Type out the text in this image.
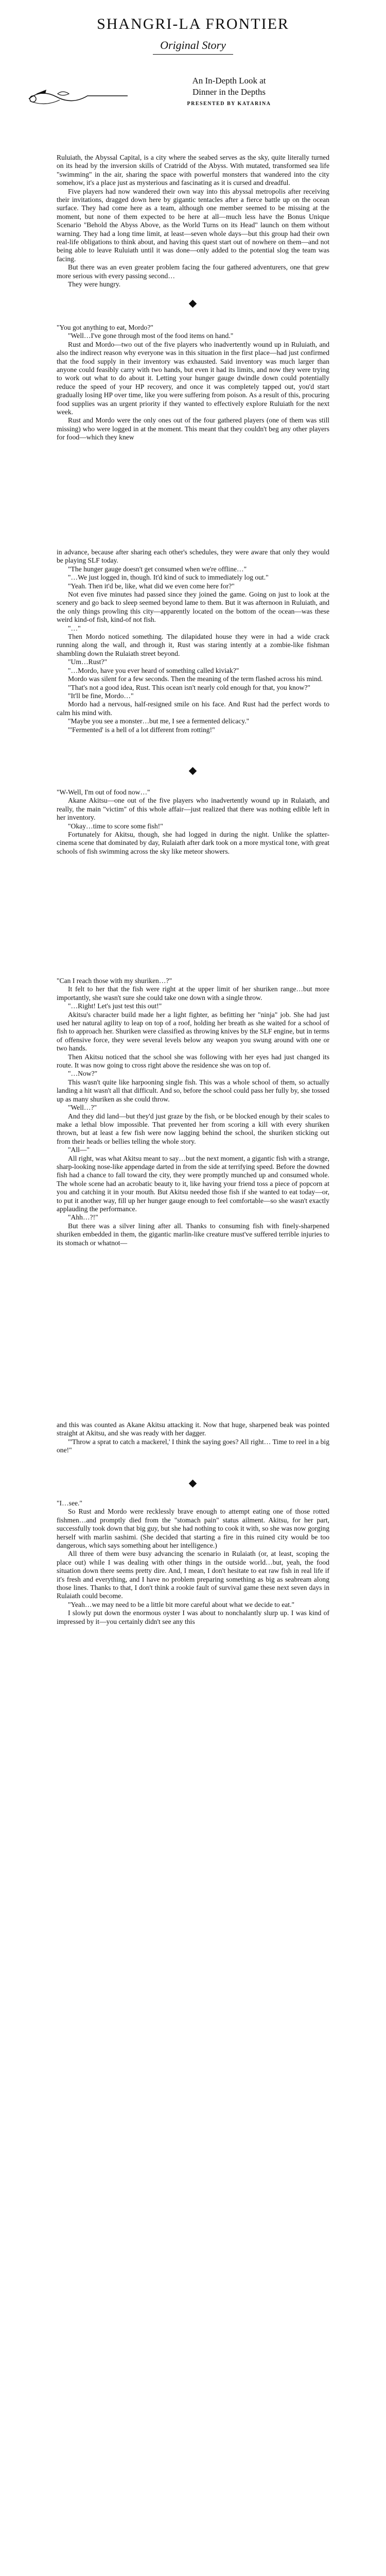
SHANGRI-LA FRONTIER
Original Story
An In-Depth Look at
Dinner in the Depths
PRESENTED BY KATARINA

Ruluiath, the Abyssal Capital, is a city where the seabed serves as the sky, quite literally turned on its head by the inversion skills of Cratridd of the Abyss. With mutated, transformed sea life "swimming" in the air, sharing the space with powerful monsters that wandered into the city somehow, it's a place just as mysterious and fascinating as it is cursed and dreadful.

Five players had now wandered their own way into this abyssal metropolis after receiving their invitations, dragged down here by gigantic tentacles after a fierce battle up on the ocean surface. They had come here as a team, although one member seemed to be missing at the moment, but none of them expected to be here at all—much less have the Bonus Unique Scenario "Behold the Abyss Above, as the World Turns on its Head" launch on them without warning. They had a long time limit, at least—seven whole days—but this group had their own real-life obligations to think about, and having this quest start out of nowhere on them—and not being able to leave Ruluiath until it was done—only added to the potential slog the team was facing.

But there was an even greater problem facing the four gathered adventurers, one that grew more serious with every passing second…

They were hungry.

"You got anything to eat, Mordo?"

"Well…I've gone through most of the food items on hand."

Rust and Mordo—two out of the five players who inadvertently wound up in Ruluiath, and also the indirect reason why everyone was in this situation in the first place—had just confirmed that the food supply in their inventory was exhausted. Said inventory was much larger than anyone could feasibly carry with two hands, but even it had its limits, and now they were trying to work out what to do about it. Letting your hunger gauge dwindle down could potentially reduce the speed of your HP recovery, and once it was completely tapped out, you'd start gradually losing HP over time, like you were suffering from poison. As a result of this, procuring food supplies was an urgent priority if they wanted to effectively explore Ruluiath for the next week.

Rust and Mordo were the only ones out of the four gathered players (one of them was still missing) who were logged in at the moment. This meant that they couldn't beg any other players for food—which they knew

in advance, because after sharing each other's schedules, they were aware that only they would be playing SLF today.

"The hunger gauge doesn't get consumed when we're offline…"

"…We just logged in, though. It'd kind of suck to immediately log out."

"Yeah. Then it'd be, like, what did we even come here for?"

Not even five minutes had passed since they joined the game. Going on just to look at the scenery and go back to sleep seemed beyond lame to them. But it was afternoon in Ruluiath, and the only things prowling this city—apparently located on the bottom of the ocean—was these weird kind-of fish, kind-of not fish.

"…"

Then Mordo noticed something. The dilapidated house they were in had a wide crack running along the wall, and through it, Rust was staring intently at a zombie-like fishman shambling down the Rulaiath street beyond.

"Um…Rust?"

"…Mordo, have you ever heard of something called kiviak?"

Mordo was silent for a few seconds. Then the meaning of the term flashed across his mind.

"That's not a good idea, Rust. This ocean isn't nearly cold enough for that, you know?"

"It'll be fine, Mordo…"

Mordo had a nervous, half-resigned smile on his face. And Rust had the perfect words to calm his mind with.

"Maybe you see a monster…but me, I see a fermented delicacy."

"'Fermented' is a hell of a lot different from rotting!"

"W-Well, I'm out of food now…"

Akane Akitsu—one out of the five players who inadvertently wound up in Rulaiath, and really, the main "victim" of this whole affair—just realized that there was nothing edible left in her inventory.

"Okay…time to score some fish!"

Fortunately for Akitsu, though, she had logged in during the night. Unlike the splatter-cinema scene that dominated by day, Rulaiath after dark took on a more mystical tone, with great schools of fish swimming across the sky like meteor showers.

"Can I reach those with my shuriken…?"

It felt to her that the fish were right at the upper limit of her shuriken range…but more importantly, she wasn't sure she could take one down with a single throw.

"…Right! Let's just test this out!"

Akitsu's character build made her a light fighter, as befitting her "ninja" job. She had just used her natural agility to leap on top of a roof, holding her breath as she waited for a school of fish to approach her. Shuriken were classified as throwing knives by the SLF engine, but in terms of offensive force, they were several levels below any weapon you swung around with one or two hands.

Then Akitsu noticed that the school she was following with her eyes had just changed its route. It was now going to cross right above the residence she was on top of.

"…Now?"

This wasn't quite like harpooning single fish. This was a whole school of them, so actually landing a hit wasn't all that difficult. And so, before the school could pass her fully by, she tossed up as many shuriken as she could throw.

"Well…?"

And they did land—but they'd just graze by the fish, or be blocked enough by their scales to make a lethal blow impossible. That prevented her from scoring a kill with every shuriken thrown, but at least a few fish were now lagging behind the school, the shuriken sticking out from their heads or bellies telling the whole story.

"All—"

All right, was what Akitsu meant to say…but the next moment, a gigantic fish with a strange, sharp-looking nose-like appendage darted in from the side at terrifying speed. Before the downed fish had a chance to fall toward the city, they were promptly munched up and consumed whole. The whole scene had an acrobatic beauty to it, like having your friend toss a piece of popcorn at you and catching it in your mouth. But Akitsu needed those fish if she wanted to eat today—or, to put it another way, fill up her hunger gauge enough to feel comfortable—so she wasn't exactly applauding the performance.

"Ahh…?!"

But there was a silver lining after all. Thanks to consuming fish with finely-sharpened shuriken embedded in them, the gigantic marlin-like creature must've suffered terrible injuries to its stomach or whatnot—

and this was counted as Akane Akitsu attacking it. Now that huge, sharpened beak was pointed straight at Akitsu, and she was ready with her dagger.

"'Throw a sprat to catch a mackerel,' I think the saying goes? All right… Time to reel in a big one!"

"I…see."

So Rust and Mordo were recklessly brave enough to attempt eating one of those rotted fishmen…and promptly died from the "stomach pain" status ailment. Akitsu, for her part, successfully took down that big guy, but she had nothing to cook it with, so she was now gorging herself with marlin sashimi. (She decided that starting a fire in this ruined city would be too dangerous, which says something about her intelligence.)

All three of them were busy advancing the scenario in Rulaiath (or, at least, scoping the place out) while I was dealing with other things in the outside world…but, yeah, the food situation down there seems pretty dire. And, I mean, I don't hesitate to eat raw fish in real life if it's fresh and everything, and I have no problem preparing something as big as seabream along those lines. Thanks to that, I don't think a rookie fault of survival game these next seven days in Rulaiath could become.

"Yeah…we may need to be a little bit more careful about what we decide to eat."

I slowly put down the enormous oyster I was about to nonchalantly slurp up. I was kind of impressed by it—you certainly didn't see any this
